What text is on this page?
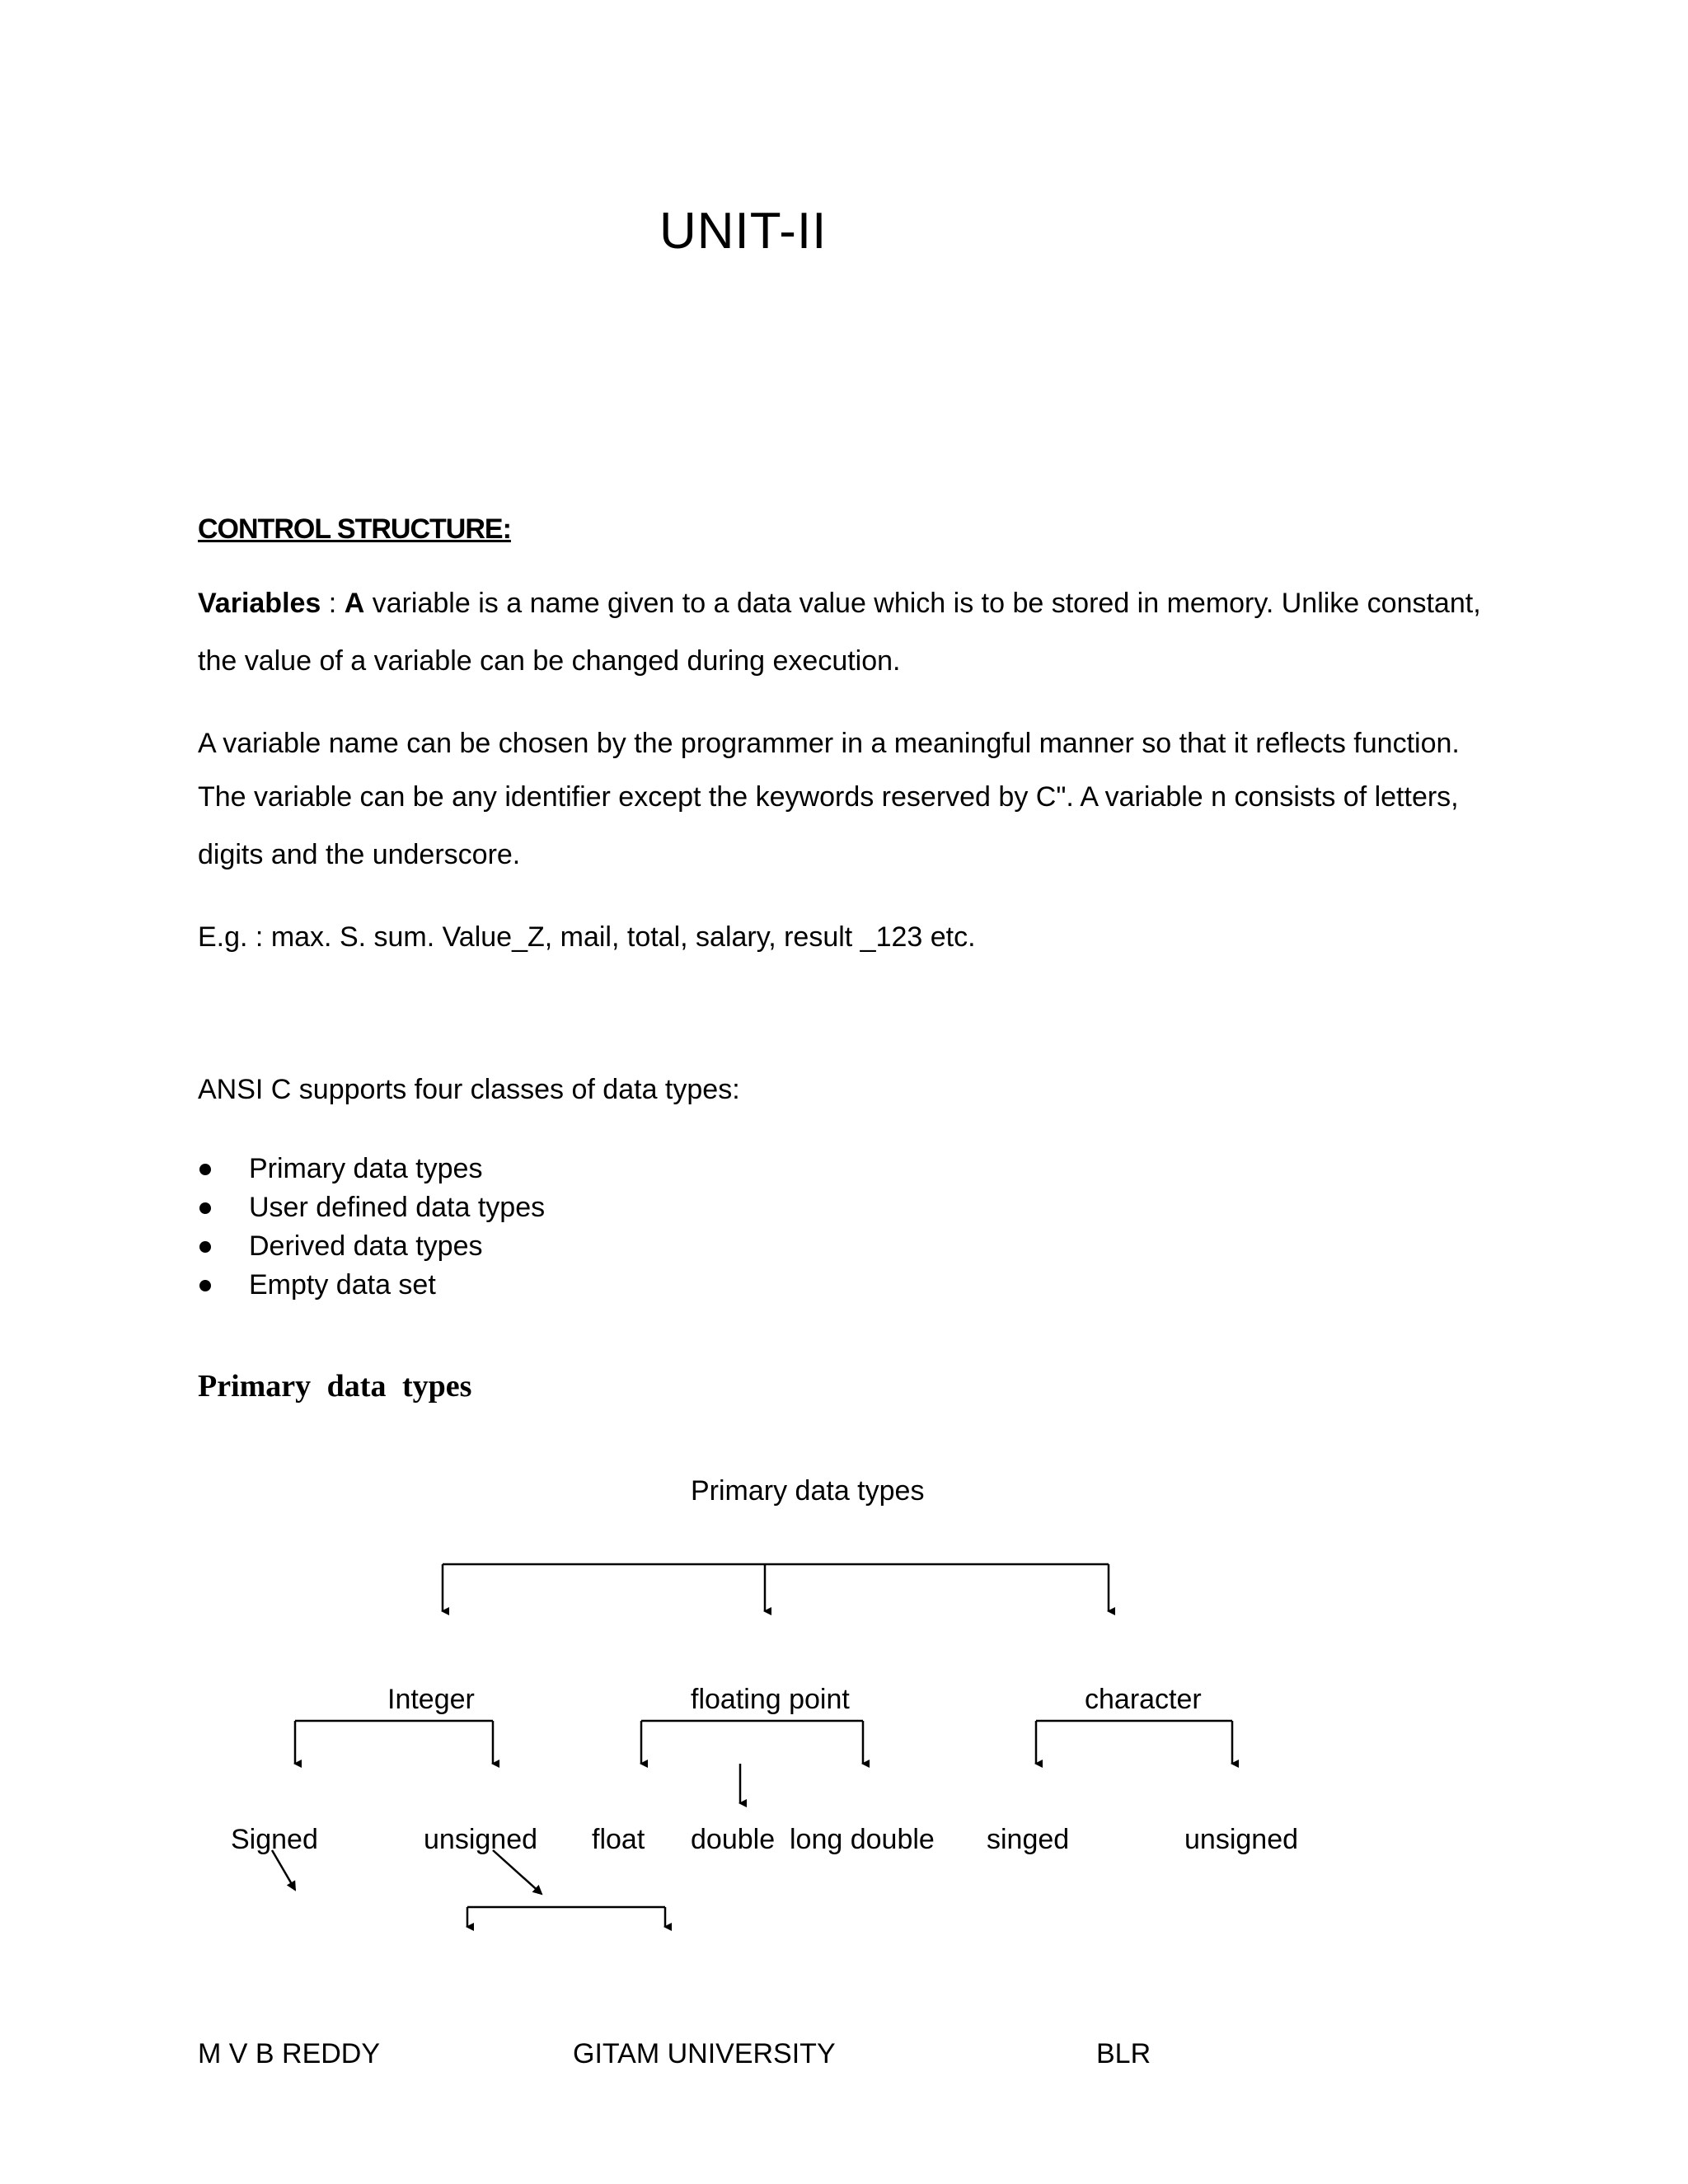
UNIT-II
CONTROL STRUCTURE:
Variables : A variable is a name given to a data value which is to be stored in memory. Unlike constant,
the value of a variable can be changed during execution.
A variable name can be chosen by the programmer in a meaningful manner so that it reflects function.
The variable can be any identifier except the keywords reserved by C". A variable n consists of letters,
digits and the underscore.
E.g. : max. S. sum. Value_Z, mail, total, salary, result _123 etc.
ANSI C supports four classes of data types:
Primary data types
User defined data types
Derived data types
Empty data set
Primary data types
Primary data types
Integer	floating point	character
Signed	unsigned float double long double singed	unsigned
M V B REDDY	GITAM UNIVERSITY	BLR
